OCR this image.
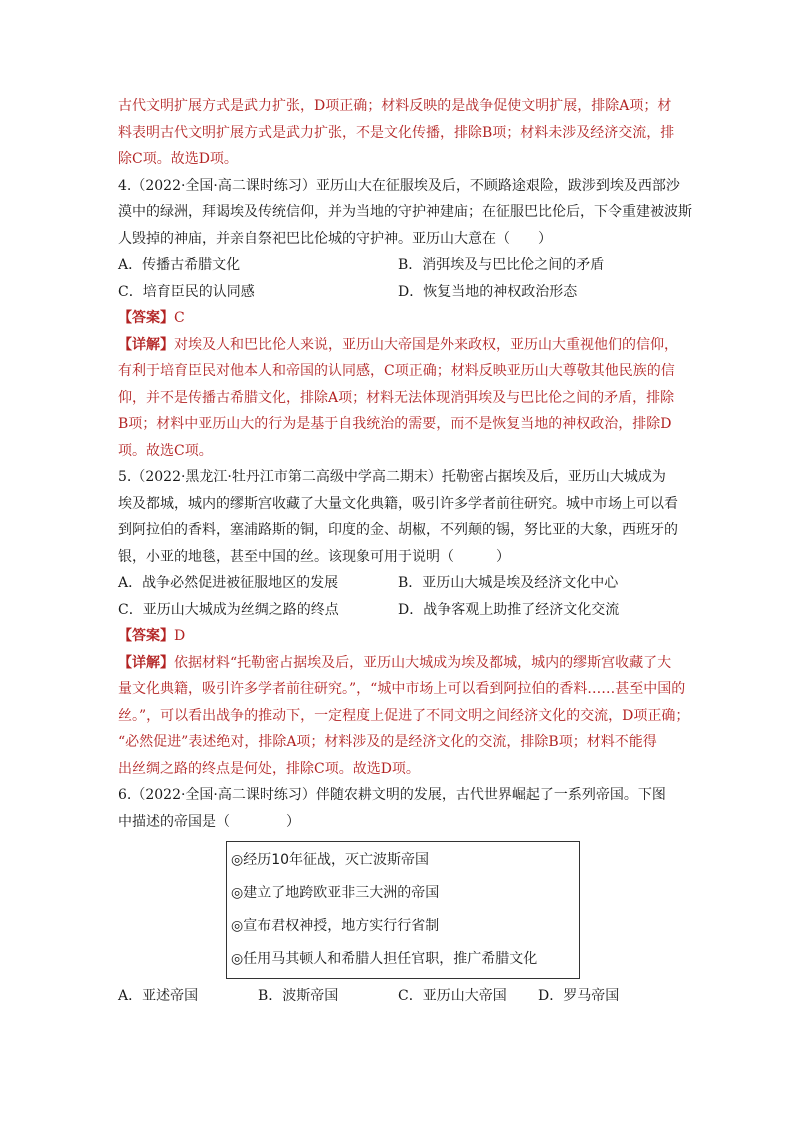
古代文明扩展方式是武力扩张，D项正确；材料反映的是战争促使文明扩展，排除A项；材
料表明古代文明扩展方式是武力扩张，不是文化传播，排除B项；材料未涉及经济交流，排
除C项。故选D项。
4.（2022·全国·高二课时练习）亚历山大在征服埃及后，不顾路途艰险，跋涉到埃及西部沙
漠中的绿洲，拜谒埃及传统信仰，并为当地的守护神建庙；在征服巴比伦后，下令重建被波斯
人毁掉的神庙，并亲自祭祀巴比伦城的守护神。亚历山大意在（　　）
A．传播古希腊文化	B．消弭埃及与巴比伦之间的矛盾
C．培育臣民的认同感	D．恢复当地的神权政治形态
【答案】C
【详解】对埃及人和巴比伦人来说，亚历山大帝国是外来政权，亚历山大重视他们的信仰，
有利于培育臣民对他本人和帝国的认同感，C项正确；材料反映亚历山大尊敬其他民族的信
仰，并不是传播古希腊文化，排除A项；材料无法体现消弭埃及与巴比伦之间的矛盾，排除
B项；材料中亚历山大的行为是基于自我统治的需要，而不是恢复当地的神权政治，排除D
项。故选C项。
5.（2022·黑龙江·牡丹江市第二高级中学高二期末）托勒密占据埃及后，亚历山大城成为
埃及都城，城内的缪斯宫收藏了大量文化典籍，吸引许多学者前往研究。城中市场上可以看
到阿拉伯的香料，塞浦路斯的铜，印度的金、胡椒，不列颠的锡，努比亚的大象，西班牙的
银，小亚的地毯，甚至中国的丝。该现象可用于说明（　　　）
A．战争必然促进被征服地区的发展	B．亚历山大城是埃及经济文化中心
C．亚历山大城成为丝绸之路的终点	D．战争客观上助推了经济文化交流
【答案】D
【详解】依据材料“托勒密占据埃及后，亚历山大城成为埃及都城，城内的缪斯宫收藏了大
量文化典籍，吸引许多学者前往研究。”，“城中市场上可以看到阿拉伯的香料……甚至中国的
丝。”，可以看出战争的推动下，一定程度上促进了不同文明之间经济文化的交流，D项正确；
“必然促进”表述绝对，排除A项；材料涉及的是经济文化的交流，排除B项；材料不能得
出丝绸之路的终点是何处，排除C项。故选D项。
6.（2022·全国·高二课时练习）伴随农耕文明的发展，古代世界崛起了一系列帝国。下图
中描述的帝国是（　　　　）
◎经历10年征战，灭亡波斯帝国
◎建立了地跨欧亚非三大洲的帝国
◎宣布君权神授，地方实行行省制
◎任用马其顿人和希腊人担任官职，推广希腊文化
A．亚述帝国	B．波斯帝国	C．亚历山大帝国	D．罗马帝国
